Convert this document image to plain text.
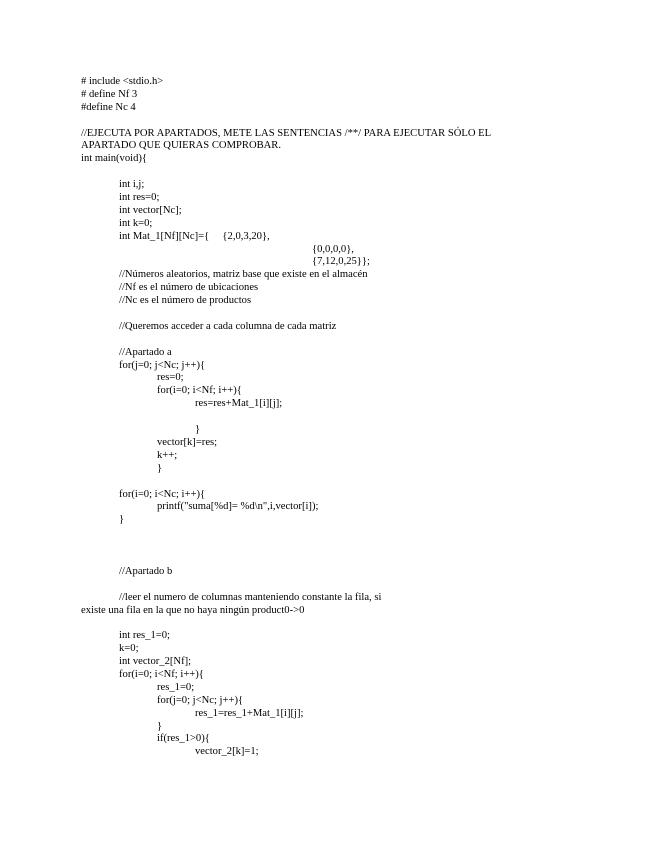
# include <stdio.h>
# define Nf 3
#define Nc 4
//EJECUTA POR APARTADOS, METE LAS SENTENCIAS /**/ PARA EJECUTAR SÓLO EL
APARTADO QUE QUIERAS COMPROBAR.
int main(void){
int i,j;
int res=0;
int vector[Nc];
int k=0;
int Mat_1[Nf][Nc]={     {2,0,3,20},
{0,0,0,0},
{7,12,0,25}};
//Números aleatorios, matriz base que existe en el almacén
//Nf es el número de ubicaciones
//Nc es el número de productos
//Queremos acceder a cada columna de cada matriz
//Apartado a
for(j=0; j<Nc; j++){
res=0;
for(i=0; i<Nf; i++){
res=res+Mat_1[i][j];
}
vector[k]=res;
k++;
}
for(i=0; i<Nc; i++){
printf("suma[%d]= %d\n",i,vector[i]);
}
//Apartado b
//leer el numero de columnas manteniendo constante la fila, si
existe una fila en la que no haya ningún product0->0
int res_1=0;
k=0;
int vector_2[Nf];
for(i=0; i<Nf; i++){
res_1=0;
for(j=0; j<Nc; j++){
res_1=res_1+Mat_1[i][j];
}
if(res_1>0){
vector_2[k]=1;
